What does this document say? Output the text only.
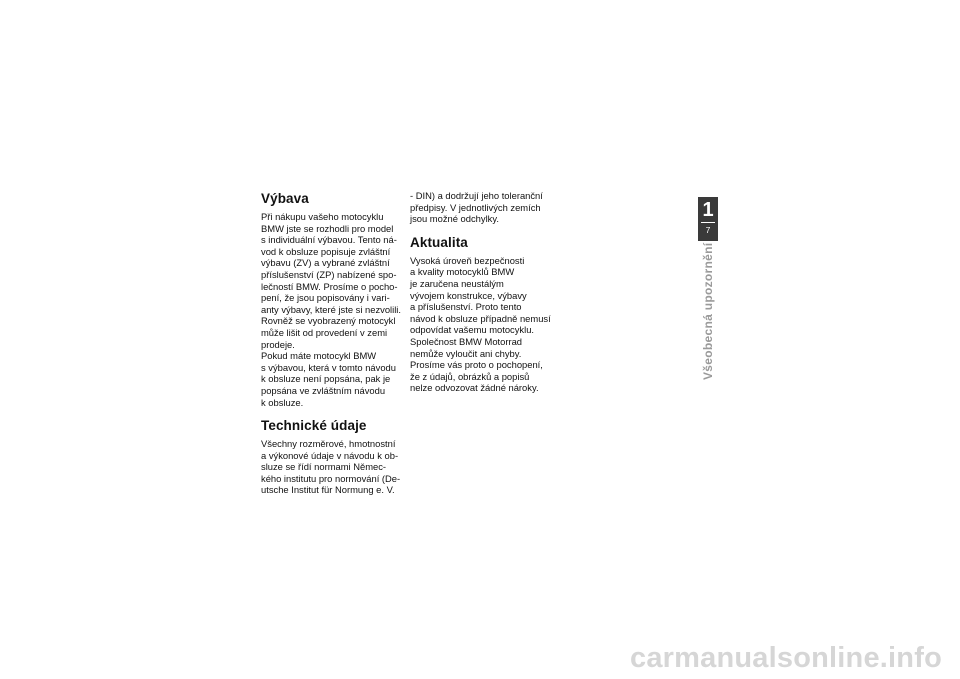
Výbava

Při nákupu vašeho motocyklu
BMW jste se rozhodli pro model
s individuální výbavou. Tento ná-
vod k obsluze popisuje zvláštní
výbavu (ZV) a vybrané zvláštní
příslušenství (ZP) nabízené spo-
lečností BMW. Prosíme o pocho-
pení, že jsou popisovány i vari-
anty výbavy, které jste si nezvolili.
Rovněž se vyobrazený motocykl
může lišit od provedení v zemi
prodeje.

Pokud máte motocykl BMW
s výbavou, která v tomto návodu
k obsluze není popsána, pak je
popsána ve zvláštním návodu
k obsluze.

Technické údaje

Všechny rozměrové, hmotnostní
a výkonové údaje v návodu k ob-
sluze se řídí normami Němec-
kého institutu pro normování (De-
utsche Institut für Normung e. V.

- DIN) a dodržují jeho toleranční
předpisy. V jednotlivých zemích
jsou možné odchylky.

Aktualita

Vysoká úroveň bezpečnosti
a kvality motocyklů BMW
je zaručena neustálým
vývojem konstrukce, výbavy
a příslušenství. Proto tento
návod k obsluze případně nemusí
odpovídat vašemu motocyklu.
Společnost BMW Motorrad
nemůže vyloučit ani chyby.
Prosíme vás proto o pochopení,
že z údajů, obrázků a popisů
nelze odvozovat žádné nároky.

1
7
Všeobecná upozornění
carmanualsonline.info
